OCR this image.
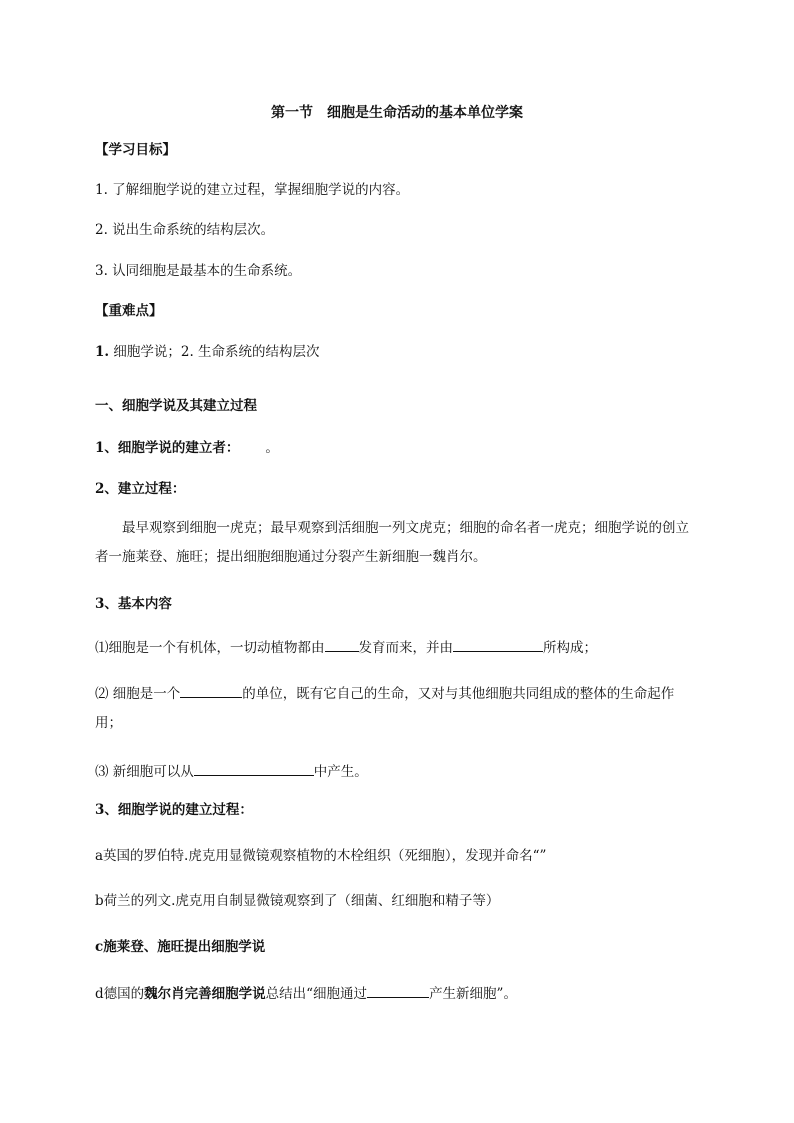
第一节　细胞是生命活动的基本单位学案
【学习目标】
1. 了解细胞学说的建立过程，掌握细胞学说的内容。
2. 说出生命系统的结构层次。
3. 认同细胞是最基本的生命系统。
【重难点】
1. 细胞学说；2. 生命系统的结构层次
一、细胞学说及其建立过程
1、细胞学说的建立者： 。
2、建立过程：
最早观察到细胞一虎克；最早观察到活细胞一列文虎克；细胞的命名者一虎克；细胞学说的创立者一施莱登、施旺；提出细胞细胞通过分裂产生新细胞一魏肖尔。
3、基本内容
⑴细胞是一个有机体，一切动植物都由	发育而来，并由	所构成；
⑵ 细胞是一个	的单位，既有它自己的生命，又对与其他细胞共同组成的整体的生命起作用；
⑶ 新细胞可以从	中产生。
3、细胞学说的建立过程：
a英国的罗伯特.虎克用显微镜观察植物的木栓组织（死细胞），发现并命名“”
b荷兰的列文.虎克用自制显微镜观察到了（细菌、红细胞和精子等）
c施莱登、施旺提出细胞学说
d德国的魏尔肖完善细胞学说总结出“细胞通过	产生新细胞”。
